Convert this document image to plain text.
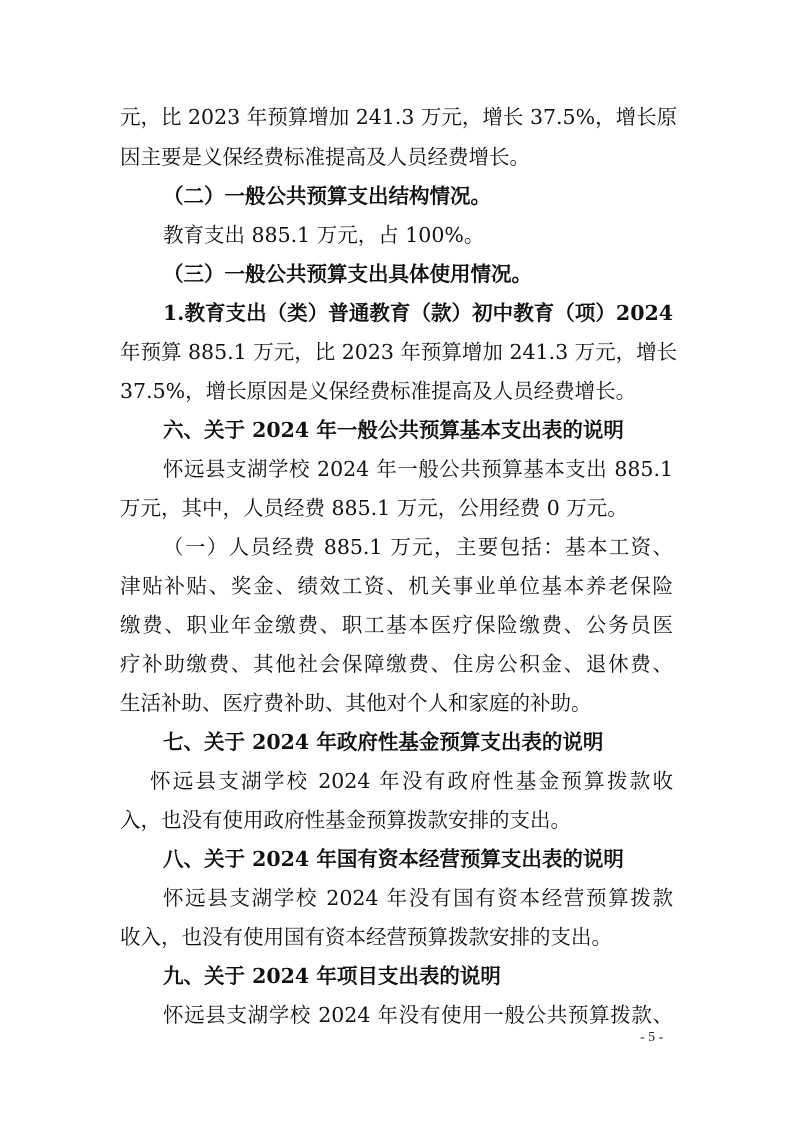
元，比 2023 年预算增加 241.3 万元，增长 37.5%，增长原
因主要是义保经费标准提高及人员经费增长。
（二）一般公共预算支出结构情况。
教育支出 885.1 万元，占 100%。
（三）一般公共预算支出具体使用情况。
1.教育支出（类）普通教育（款）初中教育（项）2024
年预算 885.1 万元，比 2023 年预算增加 241.3 万元，增长
37.5%，增长原因是义保经费标准提高及人员经费增长。
六、关于 2024 年一般公共预算基本支出表的说明
怀远县支湖学校 2024 年一般公共预算基本支出 885.1
万元，其中，人员经费 885.1 万元，公用经费 0 万元。
（一）人员经费 885.1 万元，主要包括：基本工资、
津贴补贴、奖金、绩效工资、机关事业单位基本养老保险
缴费、职业年金缴费、职工基本医疗保险缴费、公务员医
疗补助缴费、其他社会保障缴费、住房公积金、退休费、
生活补助、医疗费补助、其他对个人和家庭的补助。
七、关于 2024 年政府性基金预算支出表的说明
怀远县支湖学校 2024 年没有政府性基金预算拨款收
入，也没有使用政府性基金预算拨款安排的支出。
八、关于 2024 年国有资本经营预算支出表的说明
怀远县支湖学校 2024 年没有国有资本经营预算拨款
收入，也没有使用国有资本经营预算拨款安排的支出。
九、关于 2024 年项目支出表的说明
怀远县支湖学校 2024 年没有使用一般公共预算拨款、
- 5 -
